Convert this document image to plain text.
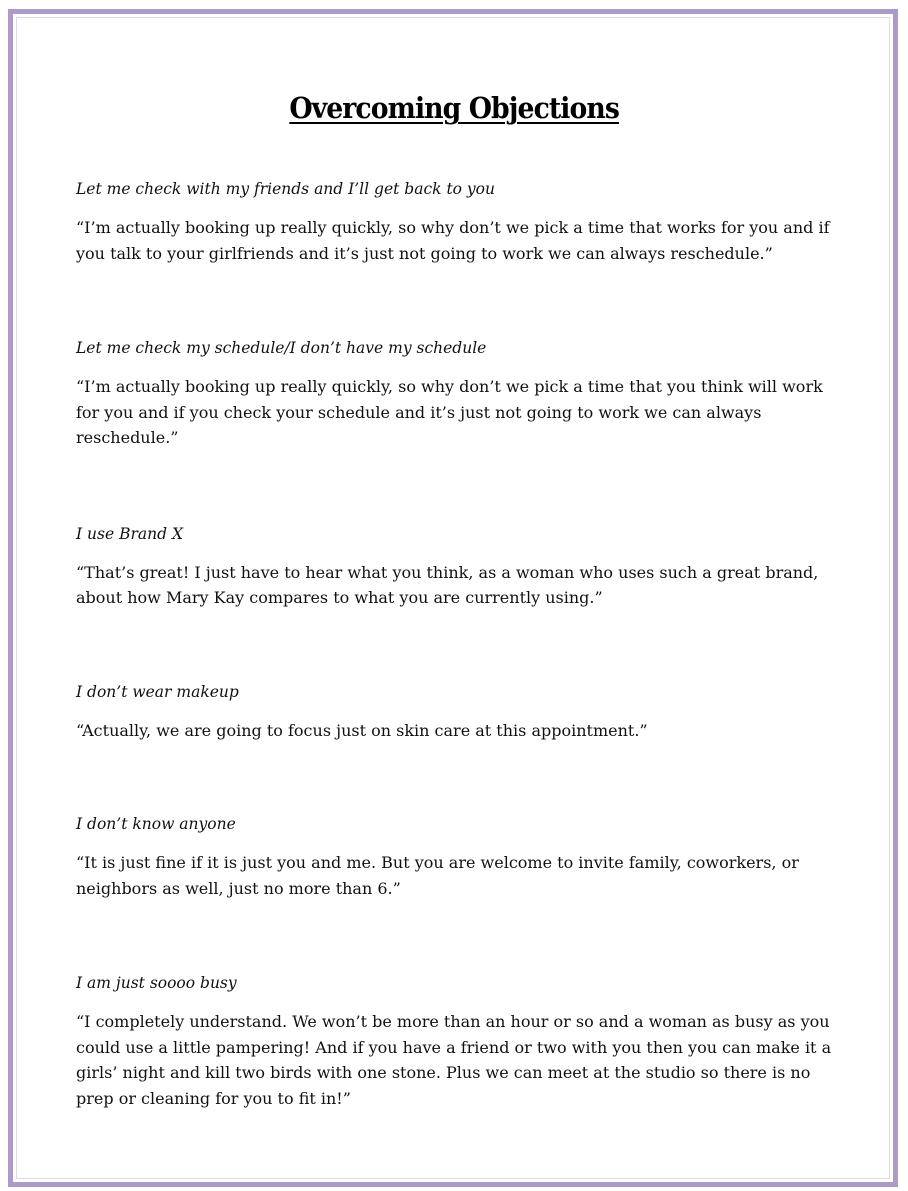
Overcoming Objections

Let me check with my friends and I’ll get back to you

“I’m actually booking up really quickly, so why don’t we pick a time that works for you and if you talk to your girlfriends and it’s just not going to work we can always reschedule.”

Let me check my schedule/I don’t have my schedule

“I’m actually booking up really quickly, so why don’t we pick a time that you think will work for you and if you check your schedule and it’s just not going to work we can always reschedule.”

I use Brand X

“That’s great! I just have to hear what you think, as a woman who uses such a great brand, about how Mary Kay compares to what you are currently using.”

I don’t wear makeup

“Actually, we are going to focus just on skin care at this appointment.”

I don’t know anyone

“It is just fine if it is just you and me. But you are welcome to invite family, coworkers, or neighbors as well, just no more than 6.”

I am just soooo busy

“I completely understand. We won’t be more than an hour or so and a woman as busy as you could use a little pampering! And if you have a friend or two with you then you can make it a girls’ night and kill two birds with one stone. Plus we can meet at the studio so there is no prep or cleaning for you to fit in!”
